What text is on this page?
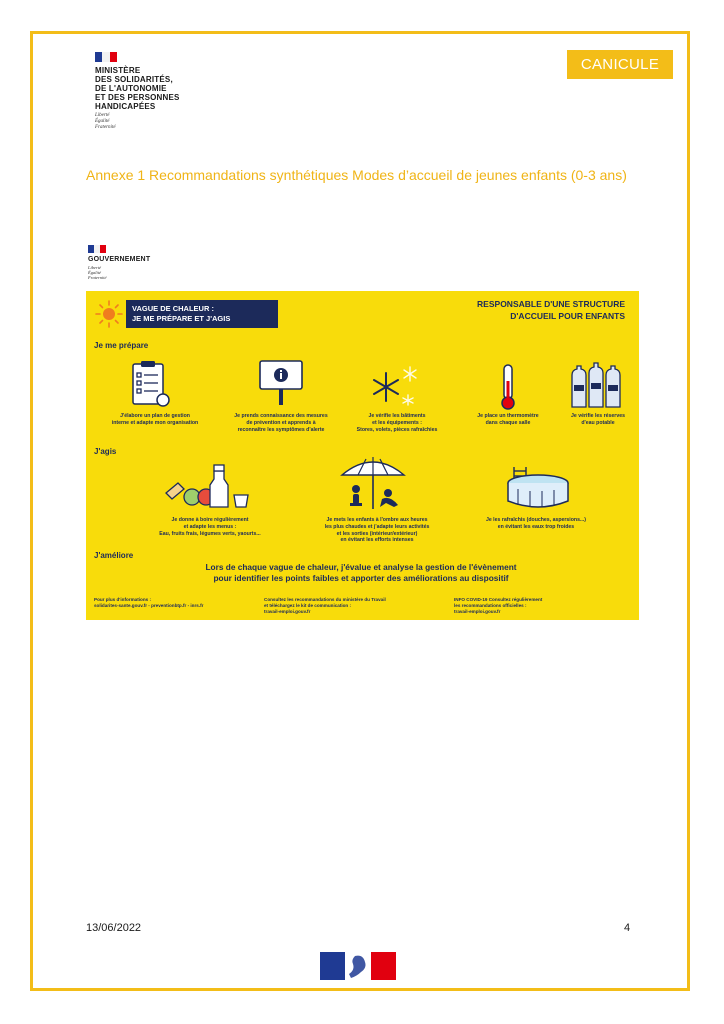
MINISTÈRE
DES SOLIDARITÉS,
DE L'AUTONOMIE
ET DES PERSONNES
HANDICAPÉES
Liberté
Égalité
Fraternité
CANICULE
Annexe 1 Recommandations synthétiques Modes d’accueil de jeunes enfants (0-3 ans)
GOUVERNEMENT
Liberté
Égalité
Fraternité
VAGUE DE CHALEUR :
JE ME PRÉPARE ET J'AGIS
RESPONSABLE D'UNE STRUCTURE
D'ACCUEIL POUR ENFANTS
Je me prépare
J'élabore un plan de gestion
interne et adapte mon organisation
Je prends connaissance des mesures
de prévention et apprends à
reconnaître les symptômes d'alerte
Je vérifie les bâtiments
et les équipements :
Stores, volets, pièces rafraîchies
Je place un thermomètre
dans chaque salle
Je vérifie les réserves
d'eau potable
J'agis
Je donne à boire régulièrement
et adapte les menus :
Eau, fruits frais, légumes verts, yaourts...
Je mets les enfants à l'ombre aux heures
les plus chaudes et j'adapte leurs activités
et les sorties (intérieur/extérieur)
en évitant les efforts intenses
Je les rafraîchis (douches, aspersions...)
en évitant les eaux trop froides
J'améliore
Lors de chaque vague de chaleur, j'évalue et analyse la gestion de l'évènement
pour identifier les points faibles et apporter des améliorations au dispositif
Pour plus d'informations :
solidarites-sante.gouv.fr - preventionbtp.fr - inrs.fr
Consultez les recommandations du ministère du Travail
et téléchargez le kit de communication :
travail-emploi.gouv.fr
INFO COVID-19 Consultez régulièrement
les recommandations officielles :
travail-emploi.gouv.fr
13/06/2022	4
